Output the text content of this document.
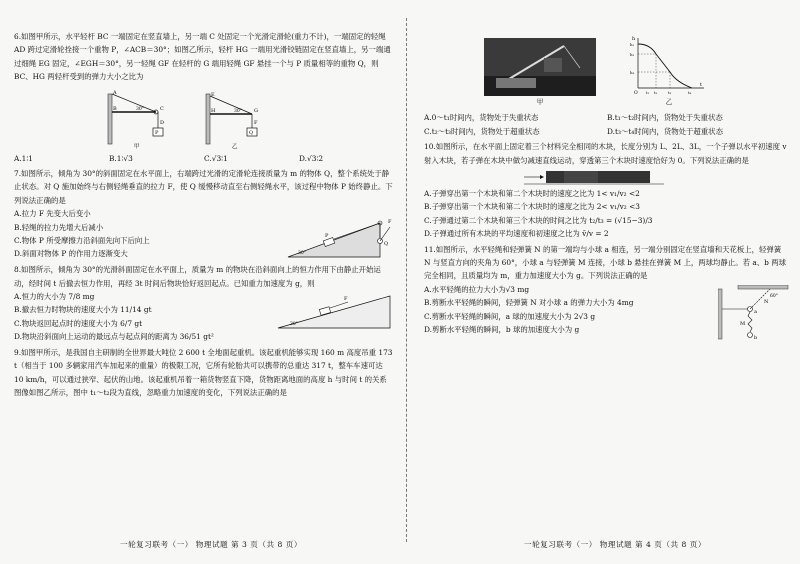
6.如图甲所示，水平轻杆 BC 一端固定在竖直墙上，另一端 C 处固定一个光滑定滑轮(重力不计)，一端固定的轻绳 AD 跨过定滑轮拴接一个重物 P，∠ACB＝30°；如图乙所示，轻杆 HG 一端用光滑铰链固定在竖直墙上，另一端通过细绳 EG 固定，∠EGH＝30°，另一轻绳 GF 在轻杆的 G 端用轻绳 GF 悬挂一个与 P 质量相等的重物 Q，则 BC、HG 两轻杆受到的弹力大小之比为
A
B	C
D
P
30°
甲
E
H	G
F
Q
30°
乙
A.1∶1	B.1∶√3	C.√3∶1	D.√3∶2
7.如图所示，倾角为 30°的斜面固定在水平面上，右端跨过光滑的定滑轮连接质量为 m 的物体 Q，整个系统处于静止状态。对 Q 施加始终与右侧轻绳垂直的拉力 F，使 Q 缓慢移动直至右侧轻绳水平，该过程中物体 P 始终静止。下列说法正确的是
Q
F
P
30°
A.拉力 F 先变大后变小
B.轻绳的拉力先增大后减小
C.物体 P 所受摩擦力沿斜面先向下后向上
D.斜面对物体 P 的作用力逐渐变大
8.如图所示，倾角为 30°的光滑斜面固定在水平面上，质量为 m 的物块在沿斜面向上的恒力作用下由静止开始运动，经时间 t 后撤去恒力作用，再经 3t 时间后物块恰好返回起点。已知重力加速度为 g，则
F
30°
A.恒力的大小为 7/8 mg
B.撤去恒力时物块的速度大小为 11/14 gt
C.物块返回起点时的速度大小为 6/7 gt
D.物块沿斜面向上运动的最远点与起点间的距离为 36/51 gt²
9.如图甲所示，是我国自主研制的全世界最大吨位 2 600 t 全地面起重机。该起重机能够实现 160 m 高度吊重 173 t（相当于 100 多辆家用汽车加起来的重量）的极限工况，它所有轮胎共可以携带的总重达 317 t，整车车速可达 10 km/h，可以通过狭窄、起伏的山地。该起重机吊着一箱货物竖直下降，货物距离地面的高度 h 与时间 t 的关系图像如图乙所示，图中 t₁～t₂段为直线，忽略重力加速度的变化，下列说法正确的是
甲
h
h₁
h₂
h₃
O t₁ t₂	t₃	t₄
t
乙
A.0～t₁时间内，货物处于失重状态	B.t₁～t₂时间内，货物处于失重状态
C.t₂～t₃时间内，货物处于超重状态	D.t₃～t₄时间内，货物处于超重状态
10.如图所示，在水平面上固定着三个材料完全相同的木块，长度分别为 L、2L、3L，一个子弹以水平初速度 v 射入木块，若子弹在木块中做匀减速直线运动，穿透第三个木块时速度恰好为 0。下列说法正确的是
A.子弹穿出第一个木块和第二个木块时的速度之比为 1< v₁/v₂ <2
B.子弹穿出第一个木块和第二个木块时的速度之比为 2< v₁/v₂ <3
C.子弹通过第二个木块和第三个木块的时间之比为 t₂/t₃ = (√15−3)/3
D.子弹通过所有木块的平均速度和初速度之比为 v̄/v = 2
11.如图所示，水平轻绳和轻弹簧 N 的第一端均与小球 a 相连，另一端分别固定在竖直墙和天花板上，轻弹簧 N 与竖直方向的夹角为 60°，小球 a 与轻弹簧 M 连接，小球 b 悬挂在弹簧 M 上，两球均静止。若 a、b 两球完全相同，且质量均为 m，重力加速度大小为 g。下列说法正确的是
a
b
M
N
60°
A.水平轻绳的拉力大小为√3 mg
B.剪断水平轻绳的瞬间，轻弹簧 N 对小球 a 的弹力大小为 4mg
C.剪断水平轻绳的瞬间，a 球的加速度大小为 2√3 g
D.剪断水平轻绳的瞬间，b 球的加速度大小为 g
一轮复习联考（一） 物理试题 第 3 页（共 8 页）	一轮复习联考（一） 物理试题 第 4 页（共 8 页）
